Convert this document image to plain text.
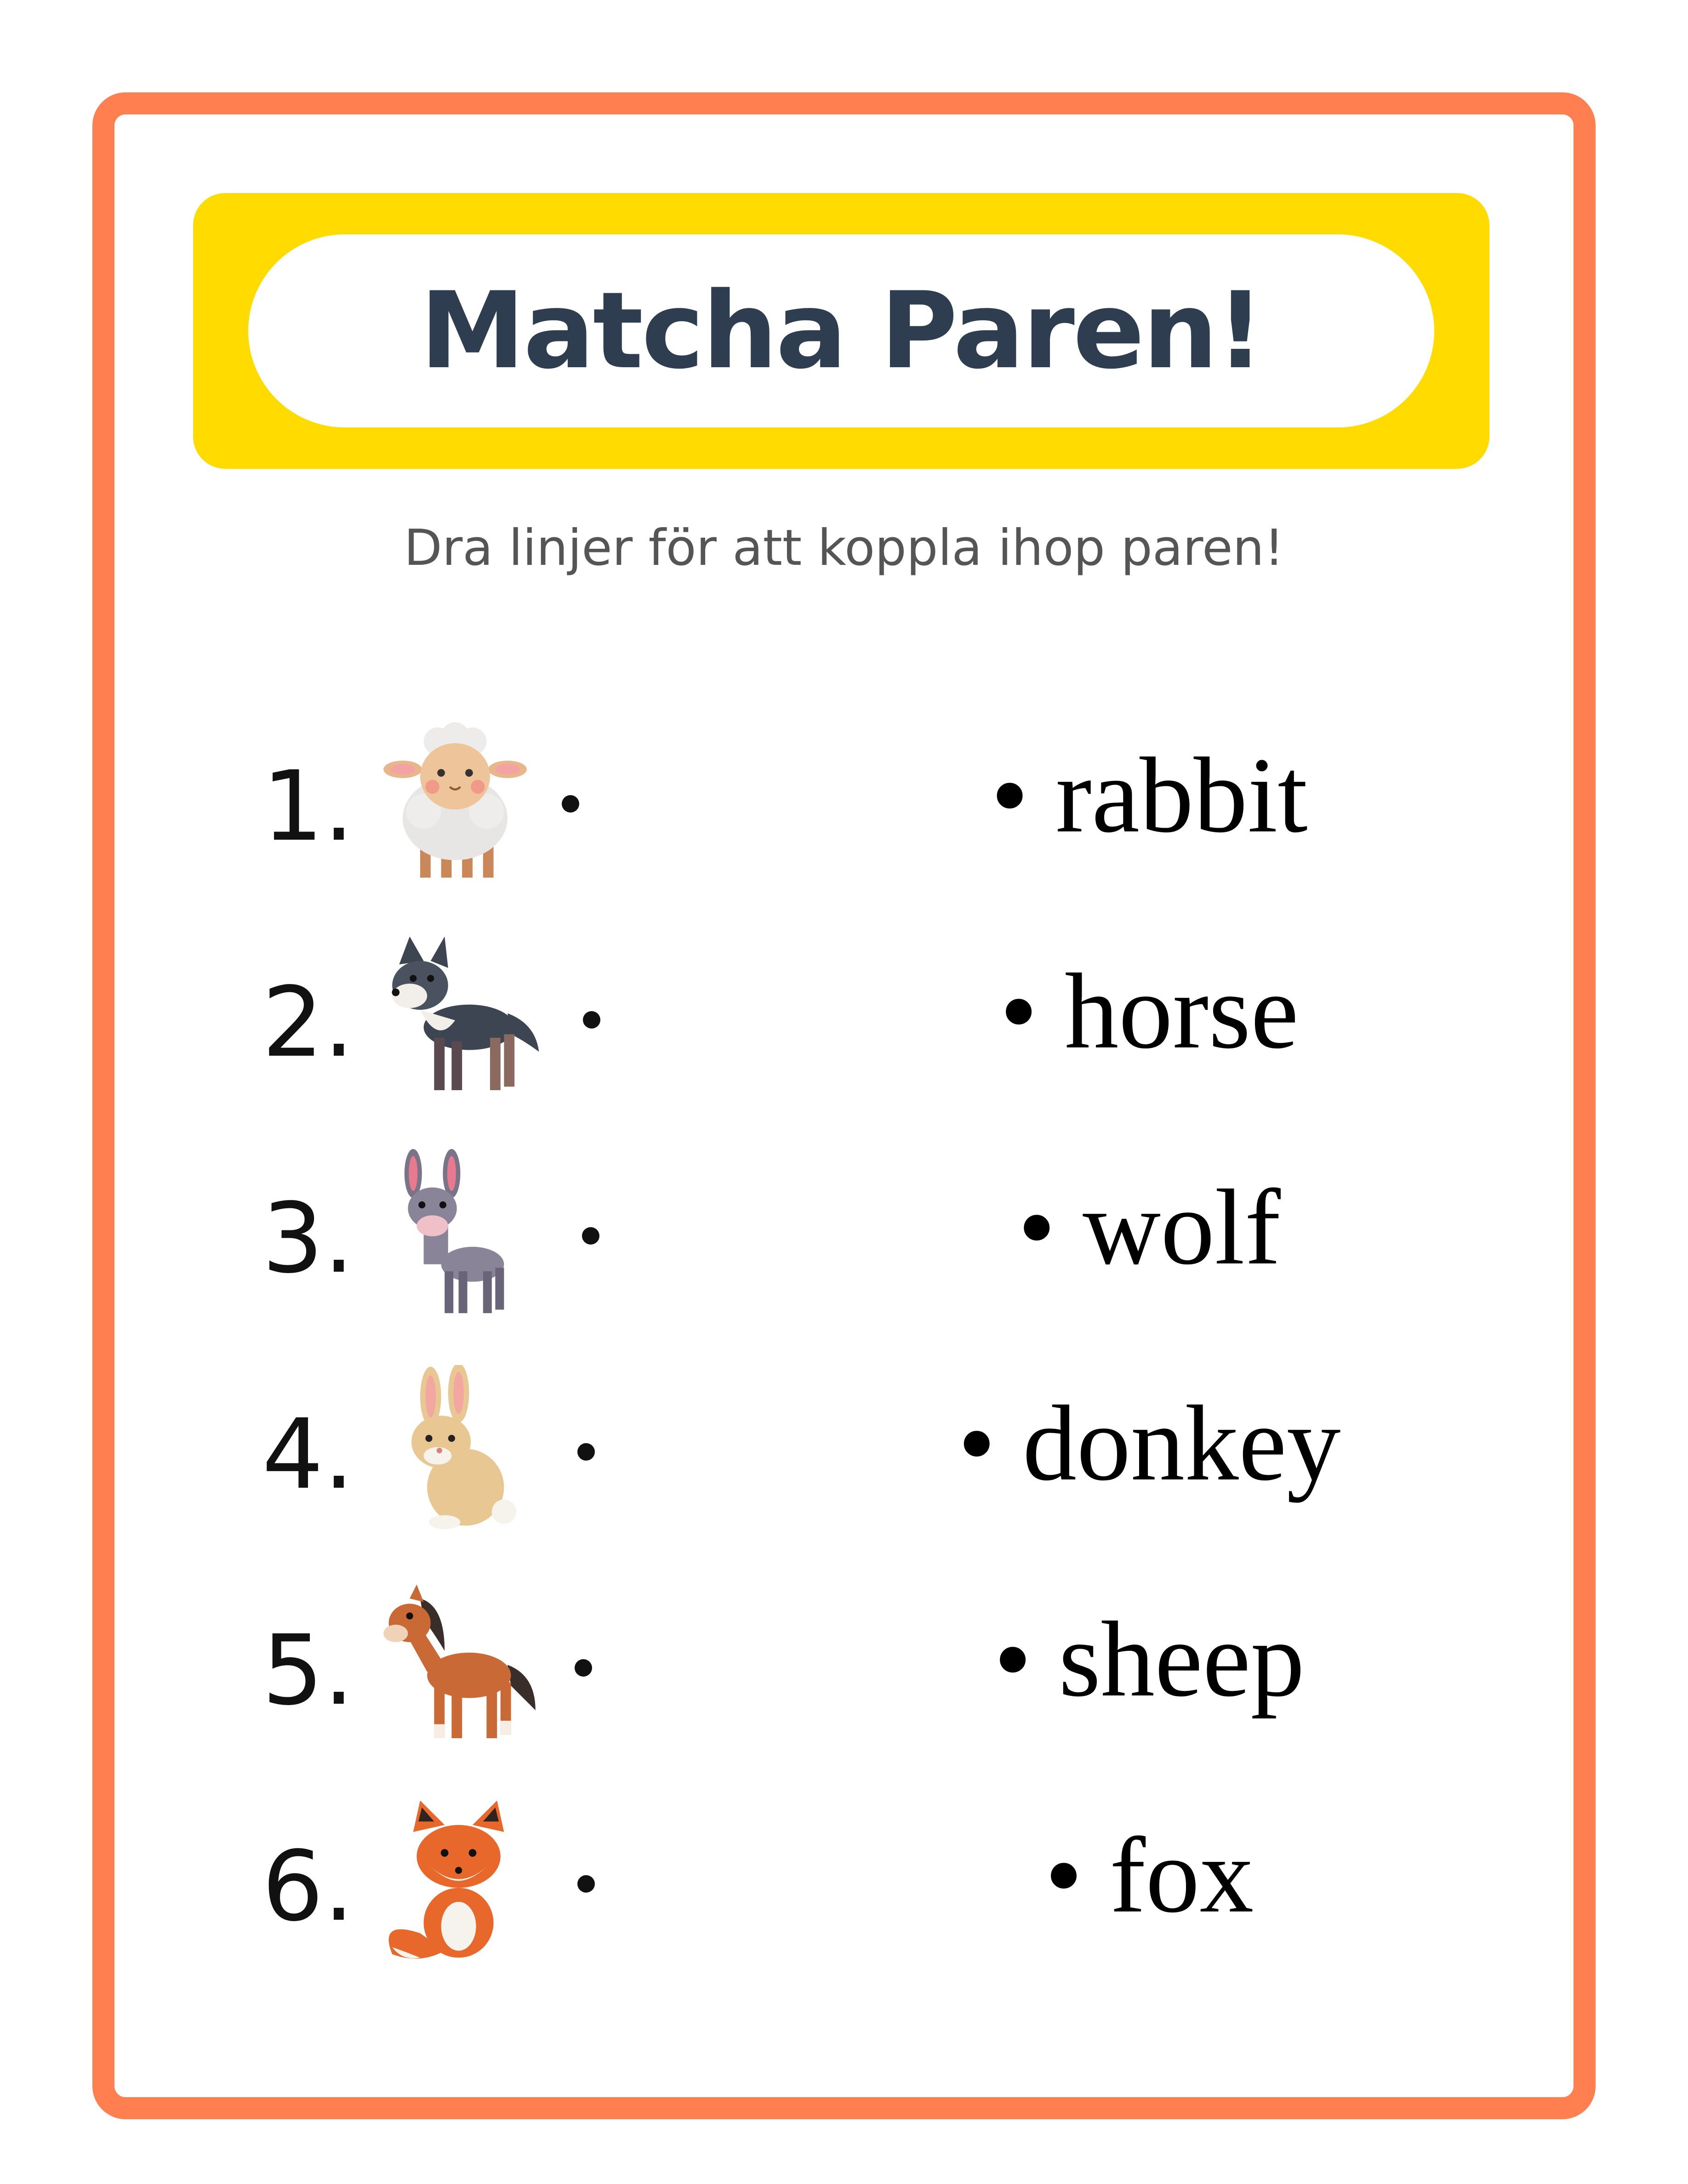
Matcha Paren!
Dra linjer för att koppla ihop paren!
1.	• rabbit
2.	• horse
3.	• wolf
4.	• donkey
5.	• sheep
6.	• fox
